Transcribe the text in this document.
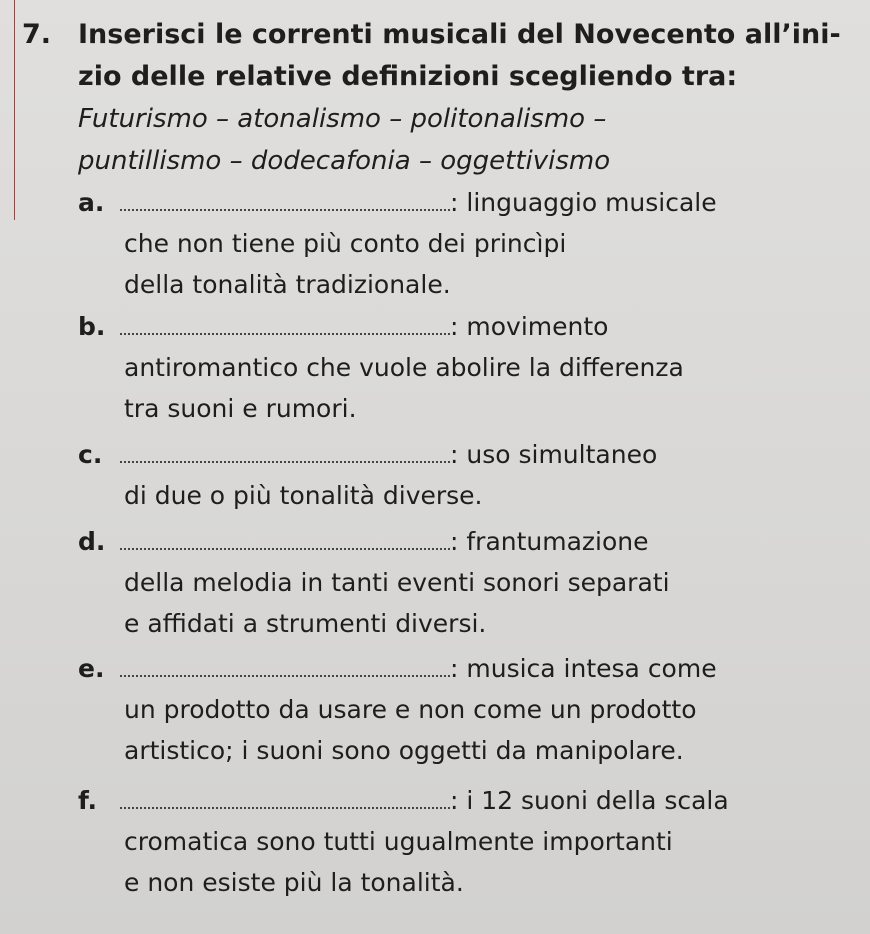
7. Inserisci le correnti musicali del Novecento all’ini-
zio delle relative definizioni scegliendo tra:
Futurismo – atonalismo – politonalismo –
puntillismo – dodecafonia – oggettivismo
a.	: linguaggio musicale
che non tiene più conto dei princìpi
della tonalità tradizionale.
b.	: movimento
antiromantico che vuole abolire la differenza
tra suoni e rumori.
c.	: uso simultaneo
di due o più tonalità diverse.
d.	: frantumazione
della melodia in tanti eventi sonori separati
e affidati a strumenti diversi.
e.	: musica intesa come
un prodotto da usare e non come un prodotto
artistico; i suoni sono oggetti da manipolare.
f.	: i 12 suoni della scala
cromatica sono tutti ugualmente importanti
e non esiste più la tonalità.
